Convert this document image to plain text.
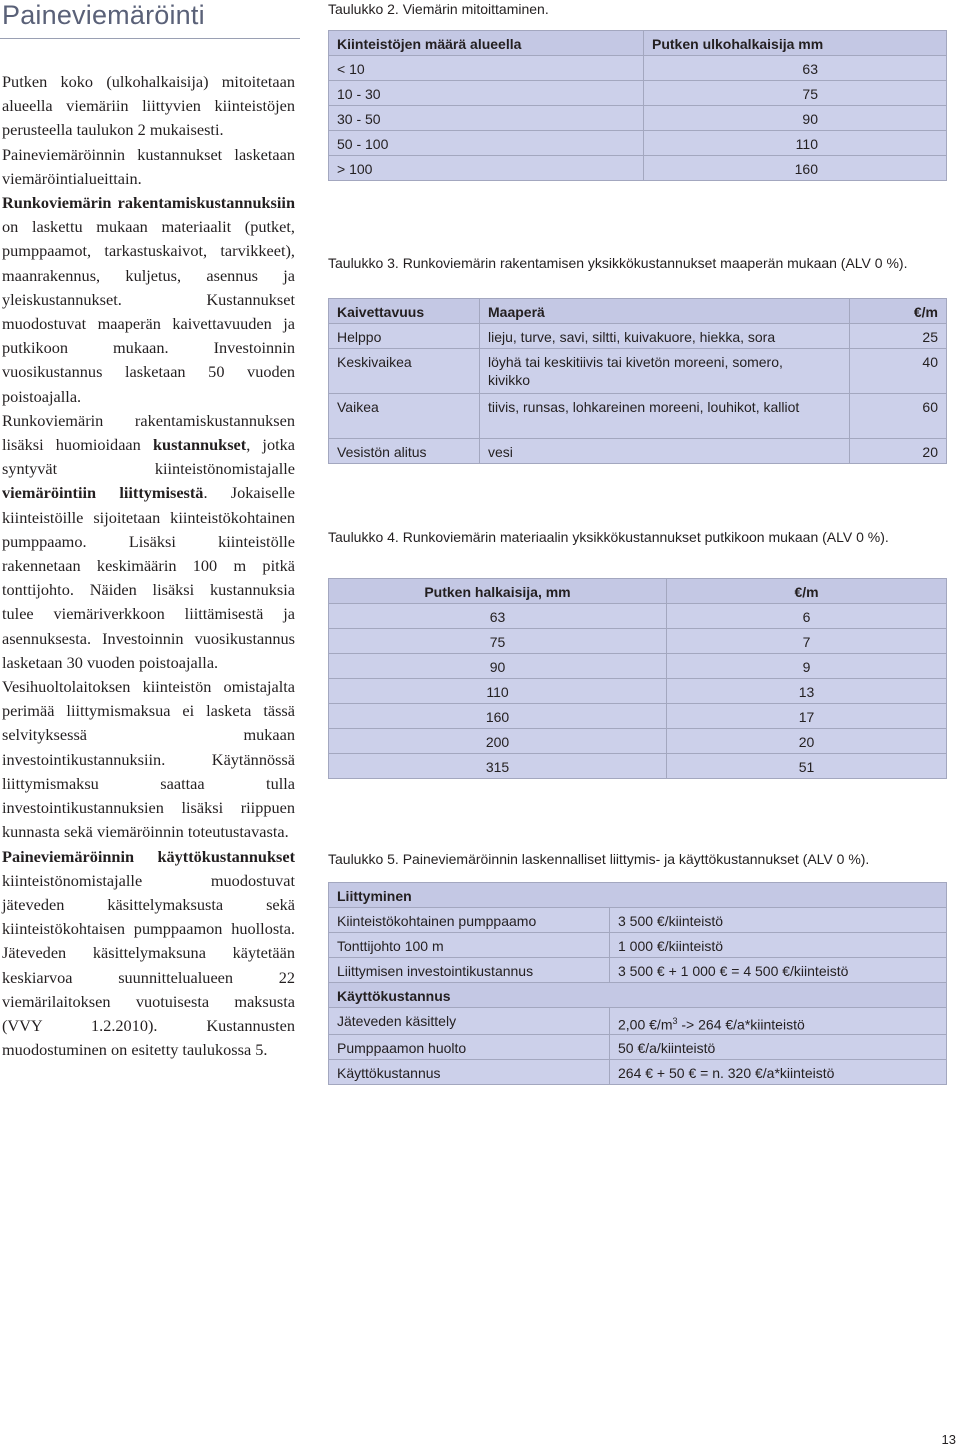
Paineviemäröinti

Putken koko (ulkohalkaisija) mitoitetaan alueella viemäriin liittyvien kiinteistöjen perusteella taulukon 2 mukaisesti.

Paineviemäröinnin kustannukset lasketaan viemäröintialueittain.

Runkoviemärin rakentamiskustannuksiin on laskettu mukaan materiaalit (putket, pumppaamot, tarkastuskaivot, tarvikkeet), maanrakennus, kuljetus, asennus ja yleiskustannukset. Kustannukset muodostuvat maaperän kaivettavuuden ja putkikoon mukaan. Investoinnin vuosikustannus lasketaan 50 vuoden poistoajalla.

Runkoviemärin rakentamiskustannuksen lisäksi huomioidaan kustannukset, jotka syntyvät kiinteistönomistajalle viemäröintiin liittymisestä. Jokaiselle kiinteistöille sijoitetaan kiinteistökohtainen pumppaamo. Lisäksi kiinteistölle rakennetaan keskimäärin 100 m pitkä tonttijohto. Näiden lisäksi kustannuksia tulee viemäriverkkoon liittämisestä ja asennuksesta. Investoinnin vuosikustannus lasketaan 30 vuoden poistoajalla.

Vesihuoltolaitoksen kiinteistön omistajalta perimää liittymismaksua ei lasketa tässä selvityksessä mukaan investointikustannuksiin. Käytännössä liittymismaksu saattaa tulla investointikustannuksien lisäksi riippuen kunnasta sekä viemäröinnin toteutustavasta.

Paineviemäröinnin käyttökustannukset kiinteistönomistajalle muodostuvat jäteveden käsittelymaksusta sekä kiinteistökohtaisen pumppaamon huollosta. Jäteveden käsittelymaksuna käytetään keskiarvoa suunnittelualueen 22 viemärilaitoksen vuotuisesta maksusta (VVY 1.2.2010). Kustannusten muodostuminen on esitetty taulukossa 5.

Taulukko 2. Viemärin mitoittaminen.
Kiinteistöjen määrä alueella	Putken ulkohalkaisija mm
< 10	63
10 - 30	75
30 - 50	90
50 - 100	110
> 100	160
Taulukko 3. Runkoviemärin rakentamisen yksikkökustannukset maaperän mukaan (ALV 0 %).
Kaivettavuus	Maaperä	€/m
Helppo	lieju, turve, savi, siltti, kuivakuore, hiekka, sora	25
Keskivaikea	löyhä tai keskitiivis tai kivetön moreeni, somero, kivikko	40
Vaikea	tiivis, runsas, lohkareinen moreeni, louhikot, kalliot	60
Vesistön alitus	vesi	20
Taulukko 4. Runkoviemärin materiaalin yksikkökustannukset putkikoon mukaan (ALV 0 %).
Putken halkaisija, mm	€/m
63	6
75	7
90	9
110	13
160	17
200	20
315	51
Taulukko 5. Paineviemäröinnin laskennalliset liittymis- ja käyttökustannukset (ALV 0 %).
Liittyminen	
Kiinteistökohtainen pumppaamo	3 500 €/kiinteistö
Tonttijohto 100 m	1 000 €/kiinteistö
Liittymisen investointikustannus	3 500 € + 1 000 € = 4 500 €/kiinteistö
Käyttökustannus	
Jäteveden käsittely	2,00 $€/m^3 -> 264$ €/a*kiinteistö
Pumppaamon huolto	50 €/a/kiinteistö
Käyttökustannus	264 € + 50 € = n. 320 €/a*kiinteistö
13
